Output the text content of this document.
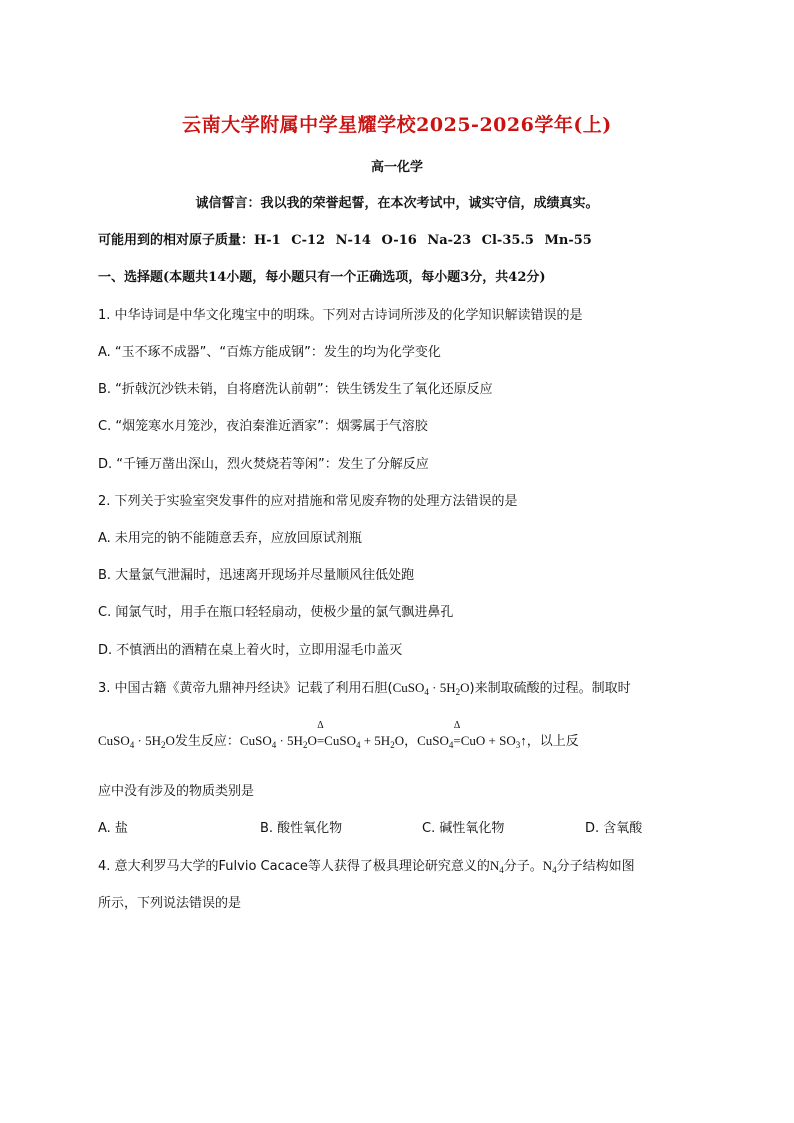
云南大学附属中学星耀学校2025-2026学年(上)
高一化学
诚信誓言：我以我的荣誉起誓，在本次考试中，诚实守信，成绩真实。
可能用到的相对原子质量：H-1 C-12 N-14 O-16 Na-23 Cl-35.5 Mn-55
一、选择题(本题共14小题，每小题只有一个正确选项，每小题3分，共42分)
1. 中华诗词是中华文化瑰宝中的明珠。下列对古诗词所涉及的化学知识解读错误的是
A. “玉不琢不成器”、“百炼方能成钢”：发生的均为化学变化
B. “折戟沉沙铁未销，自将磨洗认前朝”：铁生锈发生了氧化还原反应
C. “烟笼寒水月笼沙，夜泊秦淮近酒家”：烟雾属于气溶胶
D. “千锤万凿出深山，烈火焚烧若等闲”：发生了分解反应
2. 下列关于实验室突发事件的应对措施和常见废弃物的处理方法错误的是
A. 未用完的钠不能随意丢弃，应放回原试剂瓶
B. 大量氯气泄漏时，迅速离开现场并尽量顺风往低处跑
C. 闻氯气时，用手在瓶口轻轻扇动，使极少量的氯气飘进鼻孔
D. 不慎洒出的酒精在桌上着火时，立即用湿毛巾盖灭
3. 中国古籍《黄帝九鼎神丹经诀》记载了利用石胆(CuSO$_4$ · $5H_2O$)来制取硫酸的过程。制取时
CuSO$_4$ · $5H_2O$发生反应：CuSO$_4$ · $5H_2O$
Δ
=CuSO$_4$ + $5H_2O$，CuSO$_4$
Δ
$=CuO + SO_3↑$，以上反
应中没有涉及的物质类别是
A. 盐	B. 酸性氧化物	C. 碱性氧化物	D. 含氧酸
4. 意大利罗马大学的Fulvio Cacace等人获得了极具理论研究意义的$N_4$分子。$N_4$分子结构如图
所示，下列说法错误的是
